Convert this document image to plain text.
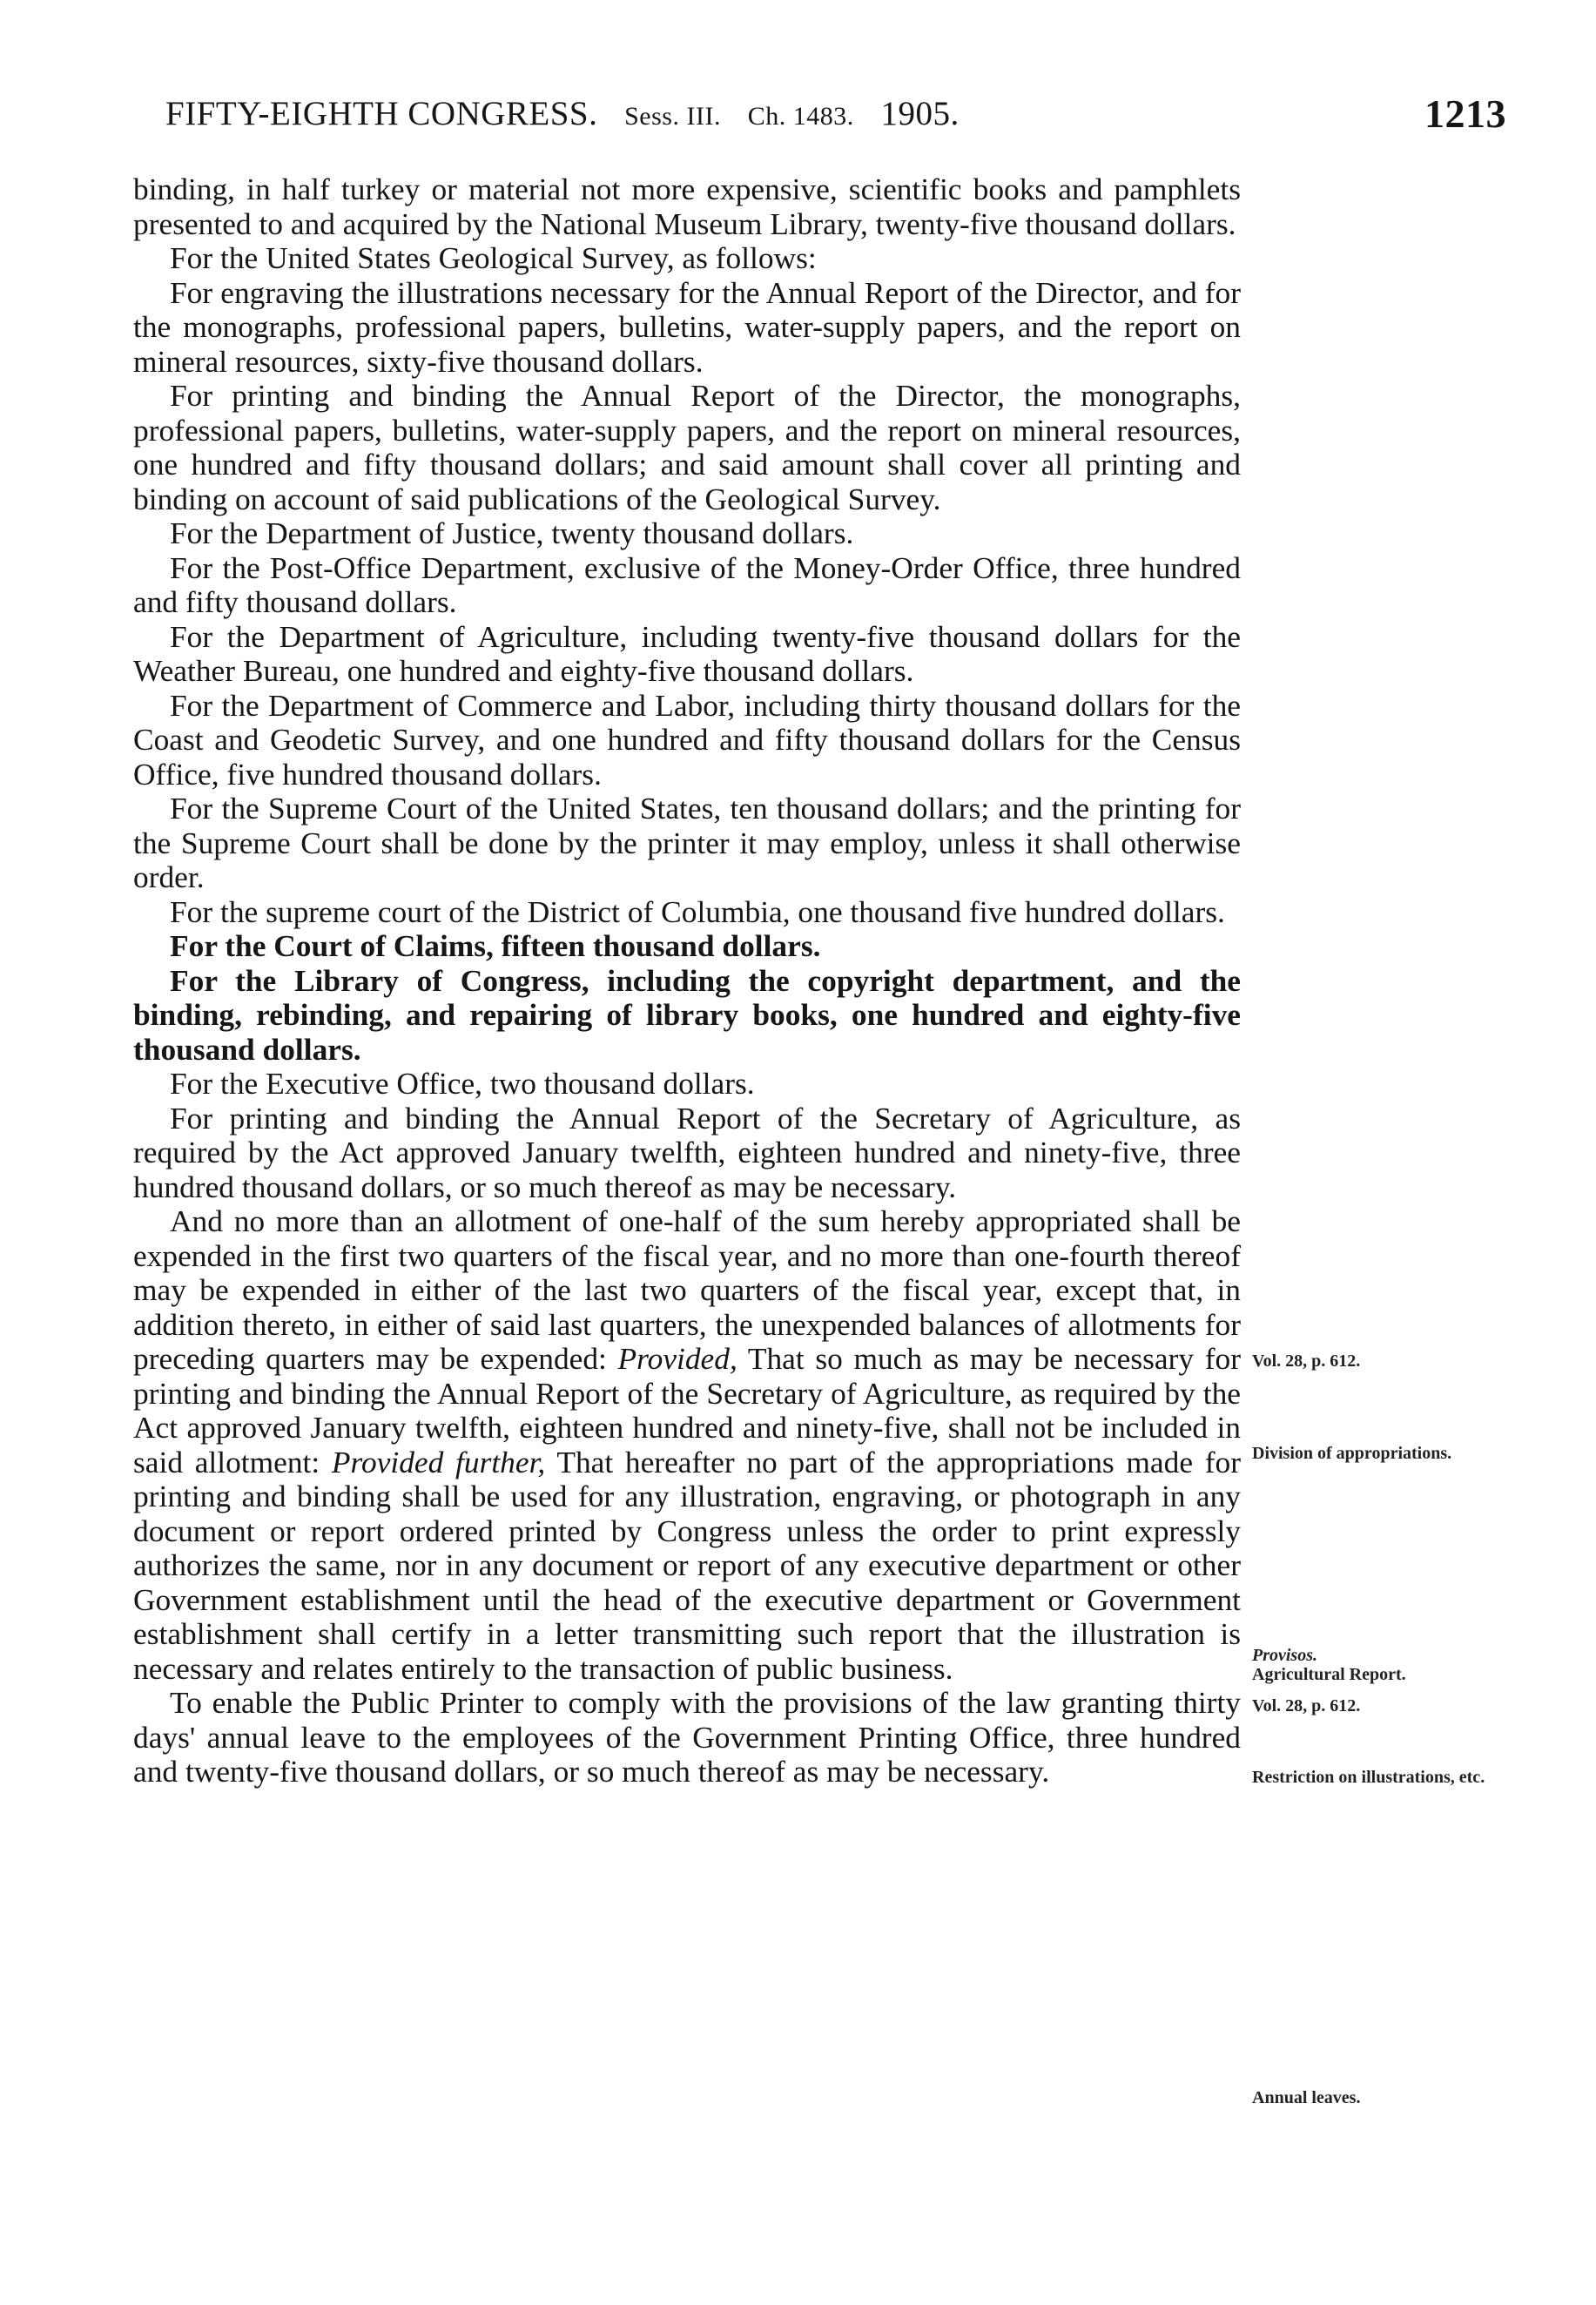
FIFTY-EIGHTH CONGRESS. Sess. III. Ch. 1483. 1905.	1213

binding, in half turkey or material not more expensive, scientific books and pamphlets presented to and acquired by the National Museum Library, twenty-five thousand dollars.

For the United States Geological Survey, as follows:

For engraving the illustrations necessary for the Annual Report of the Director, and for the monographs, professional papers, bulletins, water-supply papers, and the report on mineral resources, sixty-five thousand dollars.

For printing and binding the Annual Report of the Director, the monographs, professional papers, bulletins, water-supply papers, and the report on mineral resources, one hundred and fifty thousand dollars; and said amount shall cover all printing and binding on account of said publications of the Geological Survey.

For the Department of Justice, twenty thousand dollars.

For the Post-Office Department, exclusive of the Money-Order Office, three hundred and fifty thousand dollars.

For the Department of Agriculture, including twenty-five thousand dollars for the Weather Bureau, one hundred and eighty-five thousand dollars.

For the Department of Commerce and Labor, including thirty thousand dollars for the Coast and Geodetic Survey, and one hundred and fifty thousand dollars for the Census Office, five hundred thousand dollars.

For the Supreme Court of the United States, ten thousand dollars; and the printing for the Supreme Court shall be done by the printer it may employ, unless it shall otherwise order.

For the supreme court of the District of Columbia, one thousand five hundred dollars.

For the Court of Claims, fifteen thousand dollars.

For the Library of Congress, including the copyright department, and the binding, rebinding, and repairing of library books, one hundred and eighty-five thousand dollars.

For the Executive Office, two thousand dollars.

For printing and binding the Annual Report of the Secretary of Agriculture, as required by the Act approved January twelfth, eighteen hundred and ninety-five, three hundred thousand dollars, or so much thereof as may be necessary.

And no more than an allotment of one-half of the sum hereby appropriated shall be expended in the first two quarters of the fiscal year, and no more than one-fourth thereof may be expended in either of the last two quarters of the fiscal year, except that, in addition thereto, in either of said last quarters, the unexpended balances of allotments for preceding quarters may be expended: Provided, That so much as may be necessary for printing and binding the Annual Report of the Secretary of Agriculture, as required by the Act approved January twelfth, eighteen hundred and ninety-five, shall not be included in said allotment: Provided further, That hereafter no part of the appropriations made for printing and binding shall be used for any illustration, engraving, or photograph in any document or report ordered printed by Congress unless the order to print expressly authorizes the same, nor in any document or report of any executive department or other Government establishment until the head of the executive department or Government establishment shall certify in a letter transmitting such report that the illustration is necessary and relates entirely to the transaction of public business.

To enable the Public Printer to comply with the provisions of the law granting thirty days' annual leave to the employees of the Government Printing Office, three hundred and twenty-five thousand dollars, or so much thereof as may be necessary.

Vol. 28, p. 612.
Division of appropriations.
Provisos.
Agricultural Report.
Vol. 28, p. 612.
Restriction on illustrations, etc.
Annual leaves.
